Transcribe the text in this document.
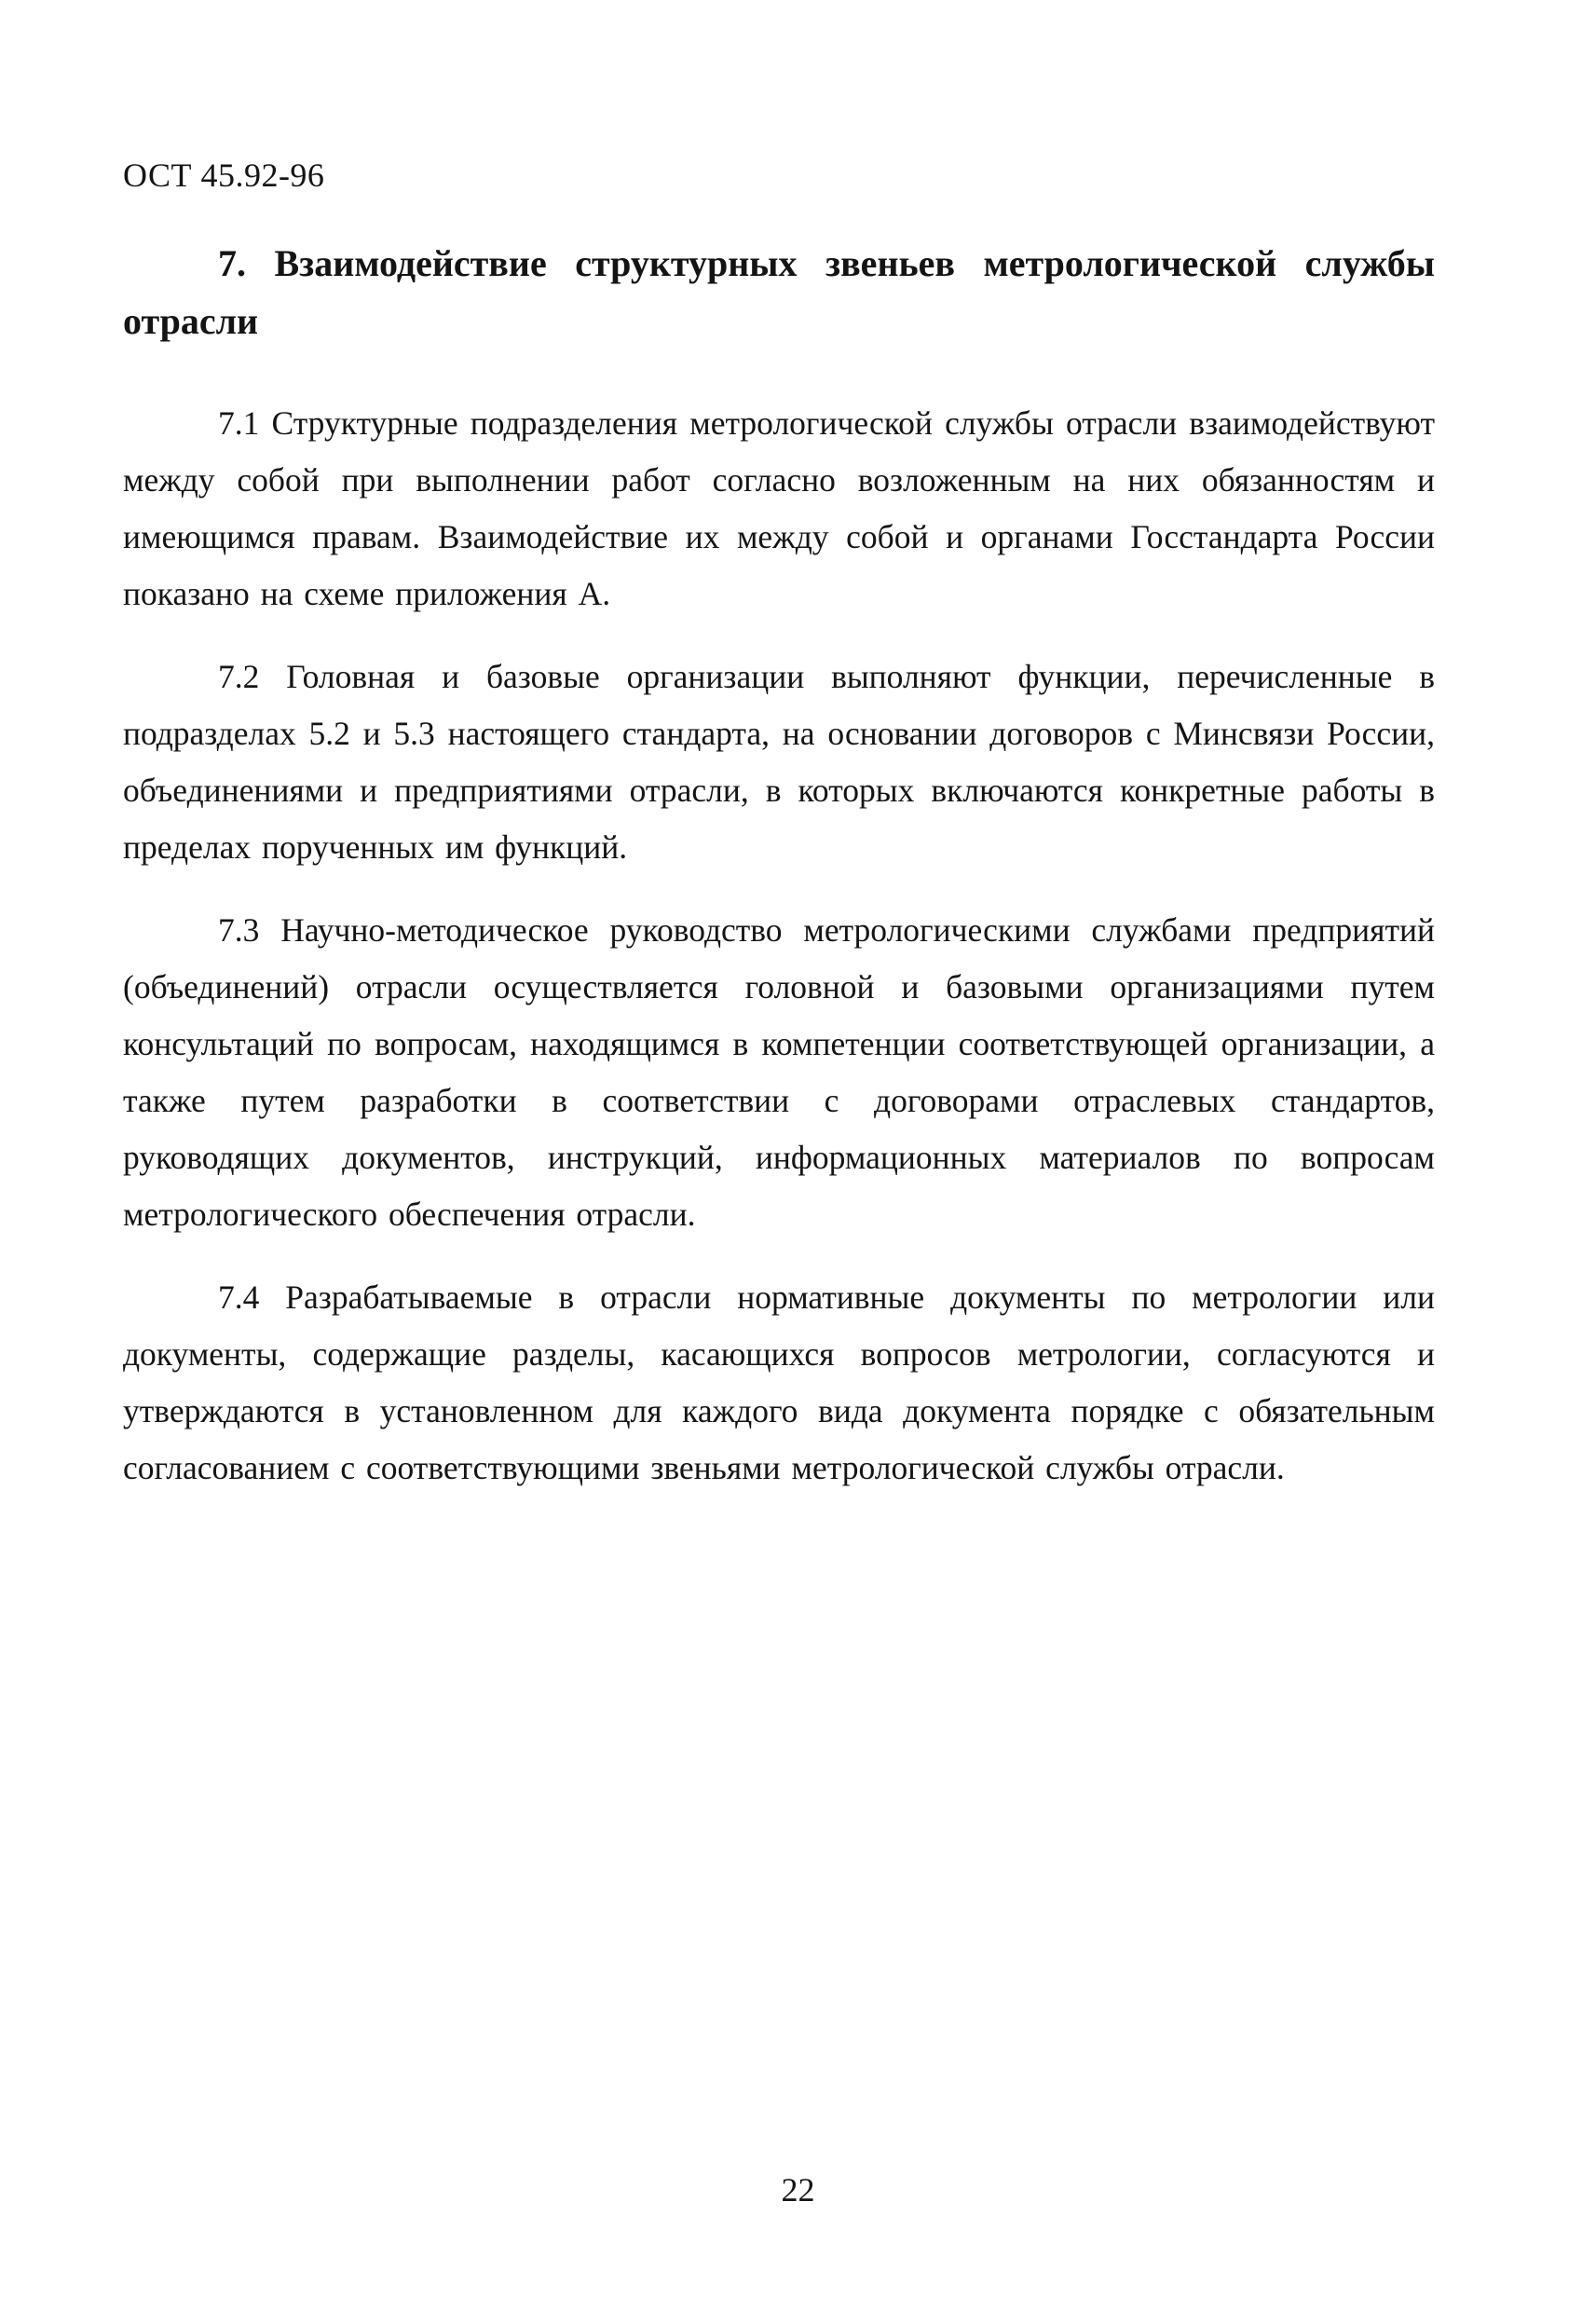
ОСТ 45.92-96
7. Взаимодействие структурных звеньев метрологической службы отрасли

7.1 Структурные подразделения метрологической службы отрасли взаимодействуют между собой при выполнении работ согласно возложенным на них обязанностям и имеющимся правам. Взаимодействие их между собой и органами Госстандарта России показано на схеме приложения А.

7.2 Головная и базовые организации выполняют функции, перечисленные в подразделах 5.2 и 5.3 настоящего стандарта, на основании договоров с Минсвязи России, объединениями и предприятиями отрасли, в которых включаются конкретные работы в пределах порученных им функций.

7.3 Научно-методическое руководство метрологическими службами предприятий (объединений) отрасли осуществляется головной и базовыми организациями путем консультаций по вопросам, находящимся в компетенции соответствующей организации, а также путем разработки в соответствии с договорами отраслевых стандартов, руководящих документов, инструкций, информационных материалов по вопросам метрологического обеспечения отрасли.

7.4 Разрабатываемые в отрасли нормативные документы по метрологии или документы, содержащие разделы, касающихся вопросов метрологии, согласуются и утверждаются в установленном для каждого вида документа порядке с обязательным согласованием с соответствующими звеньями метрологической службы отрасли.

22
